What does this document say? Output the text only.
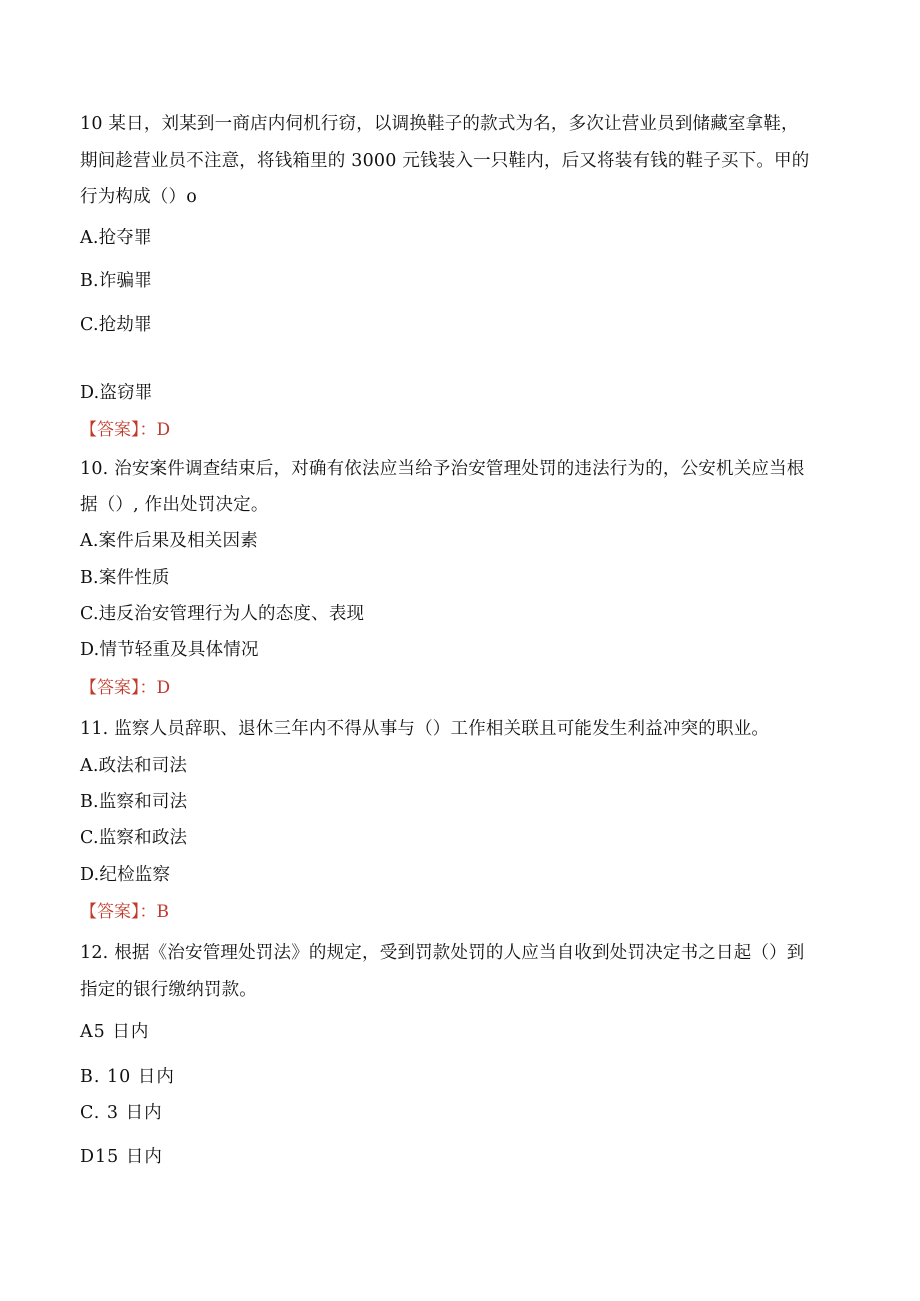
10 某日，刘某到一商店内伺机行窃，以调换鞋子的款式为名，多次让营业员到储藏室拿鞋，
期间趁营业员不注意，将钱箱里的 3000 元钱装入一只鞋内，后又将装有钱的鞋子买下。甲的
行为构成（）o
A.抢夺罪
B.诈骗罪
C.抢劫罪
D.盗窃罪
【答案】：D
10. 治安案件调查结束后，对确有依法应当给予治安管理处罚的违法行为的，公安机关应当根
据（）, 作出处罚决定。
A.案件后果及相关因素
B.案件性质
C.违反治安管理行为人的态度、表现
D.情节轻重及具体情况
【答案】：D
11. 监察人员辞职、退休三年内不得从事与（）工作相关联且可能发生利益冲突的职业。
A.政法和司法
B.监察和司法
C.监察和政法
D.纪检监察
【答案】：B
12. 根据《治安管理处罚法》的规定，受到罚款处罚的人应当自收到处罚决定书之日起（）到
指定的银行缴纳罚款。
A5 日内
B. 10 日内
C. 3 日内
D15 日内
